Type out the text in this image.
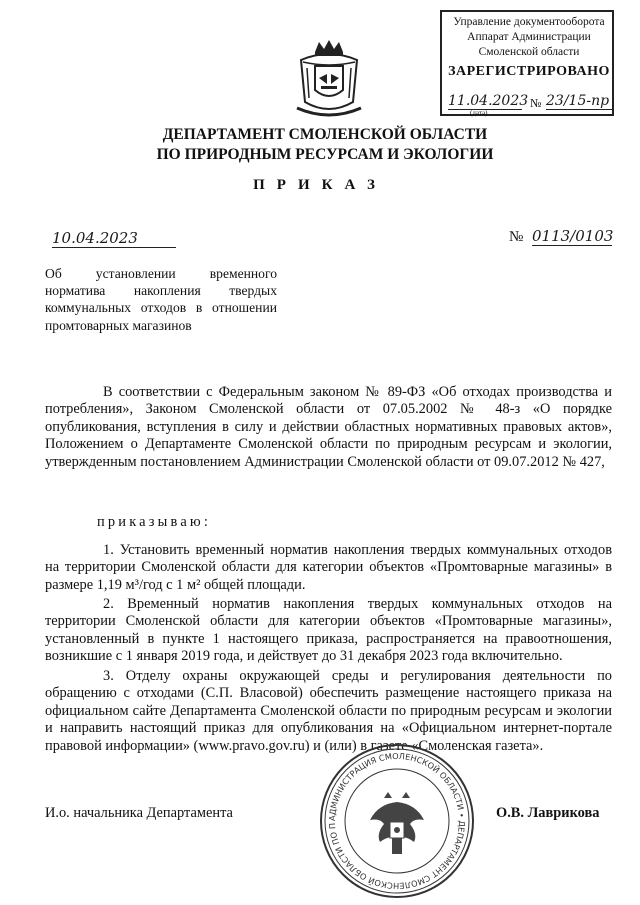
Управление документооборота
Аппарат Администрации
Смоленской области
ЗАРЕГИСТРИРОВАНО
11.04.2023
(дата)
№ 23/15-пр
ДЕПАРТАМЕНТ СМОЛЕНСКОЙ ОБЛАСТИ
ПО ПРИРОДНЫМ РЕСУРСАМ И ЭКОЛОГИИ
ПРИКАЗ
10.04.2023	№ 0113/0103
Об установлении временного норматива накопления твердых коммунальных отходов в отношении промтоварных магазинов
В соответствии с Федеральным законом № 89-ФЗ «Об отходах производства и потребления», Законом Смоленской области от 07.05.2002 № 48-з «О порядке опубликования, вступления в силу и действии областных нормативных правовых актов», Положением о Департаменте Смоленской области по природным ресурсам и экологии, утвержденным постановлением Администрации Смоленской области от 09.07.2012 № 427,
приказываю:
1. Установить временный норматив накопления твердых коммунальных отходов на территории Смоленской области для категории объектов «Промтоварные магазины» в размере 1,19 м³/год с 1 м² общей площади.
2. Временный норматив накопления твердых коммунальных отходов на территории Смоленской области для категории объектов «Промтоварные магазины», установленный в пункте 1 настоящего приказа, распространяется на правоотношения, возникшие с 1 января 2019 года, и действует до 31 декабря 2023 года включительно.
3. Отделу охраны окружающей среды и регулирования деятельности по обращению с отходами (С.П. Власовой) обеспечить размещение настоящего приказа на официальном сайте Департамента Смоленской области по природным ресурсам и экологии и направить настоящий приказ для опубликования на «Официальном интернет-портале правовой информации» (www.pravo.gov.ru) и (или) в газете «Смоленская газета».
АДМИНИСТРАЦИЯ СМОЛЕНСКОЙ ОБЛАСТИ • ДЕПАРТАМЕНТ СМОЛЕНСКОЙ ОБЛАСТИ ПО П
И.о. начальника Департамента	О.В. Лаврикова
